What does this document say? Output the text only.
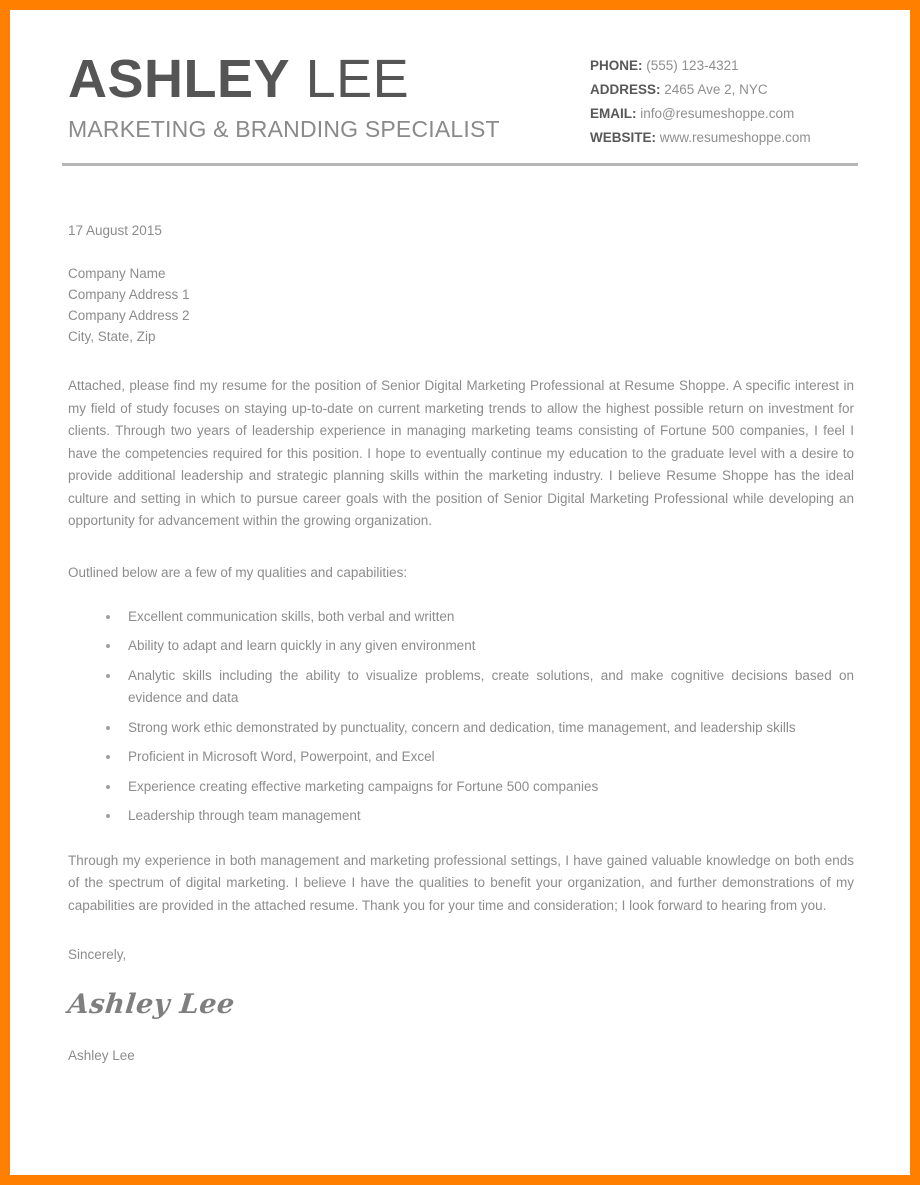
ASHLEY LEE
MARKETING & BRANDING SPECIALIST
PHONE: (555) 123-4321
ADDRESS: 2465 Ave 2, NYC
EMAIL: info@resumeshoppe.com
WEBSITE: www.resumeshoppe.com
17 August 2015
Company Name
Company Address 1
Company Address 2
City, State, Zip

Attached, please find my resume for the position of Senior Digital Marketing Professional at Resume Shoppe. A specific interest in my field of study focuses on staying up-to-date on current marketing trends to allow the highest possible return on investment for clients. Through two years of leadership experience in managing marketing teams consisting of Fortune 500 companies, I feel I have the competencies required for this position. I hope to eventually continue my education to the graduate level with a desire to provide additional leadership and strategic planning skills within the marketing industry. I believe Resume Shoppe has the ideal culture and setting in which to pursue career goals with the position of Senior Digital Marketing Professional while developing an opportunity for advancement within the growing organization.

Outlined below are a few of my qualities and capabilities:
Excellent communication skills, both verbal and written
Ability to adapt and learn quickly in any given environment
Analytic skills including the ability to visualize problems, create solutions, and make cognitive decisions based on evidence and data
Strong work ethic demonstrated by punctuality, concern and dedication, time management, and leadership skills
Proficient in Microsoft Word, Powerpoint, and Excel
Experience creating effective marketing campaigns for Fortune 500 companies
Leadership through team management

Through my experience in both management and marketing professional settings, I have gained valuable knowledge on both ends of the spectrum of digital marketing. I believe I have the qualities to benefit your organization, and further demonstrations of my capabilities are provided in the attached resume. Thank you for your time and consideration; I look forward to hearing from you.

Sincerely,
Ashley Lee
Ashley Lee
